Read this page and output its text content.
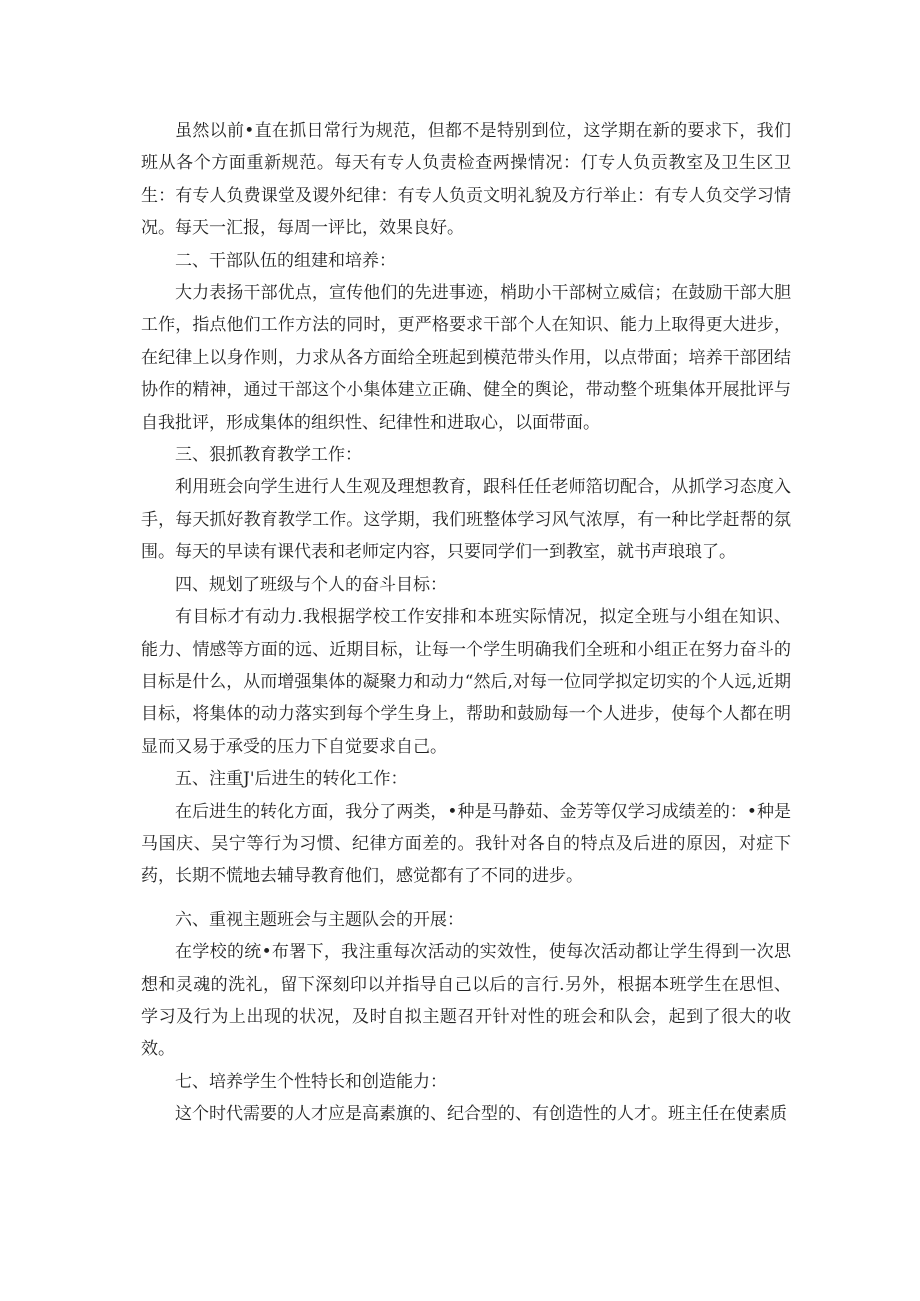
虽然以前•直在抓日常行为规范，但都不是特别到位，这学期在新的要求下，我们班从各个方面重新规范。每天有专人负责检查两操情况：仃专人负贡教室及卫生区卫生：有专人负费课堂及谡外纪律：有专人负贡文明礼貌及方行举止：有专人负交学习情况。每天一汇报，每周一评比，效果良好。

二、干部队伍的组建和培养：

大力表扬干部优点，宣传他们的先进事迹，梢助小干部树立威信；在鼓励干部大胆工作，指点他们工作方法的同时，更严格要求干部个人在知识、能力上取得更大进步，在纪律上以身作则，力求从各方面给全班起到模范带头作用，以点带面；培养干部团结协作的精神，通过干部这个小集体建立正确、健全的舆论，带动整个班集体开展批评与自我批评，形成集体的组织性、纪律性和进取心，以面带面。

三、狠抓教育教学工作：

利用班会向学生进行人生观及理想教育，跟科任任老师箔切配合，从抓学习态度入手，每天抓好教育教学工作。这学期，我们班整体学习风气浓厚，有一种比学赶帮的氛围。每天的早读有课代表和老师定内容，只要同学们一到教室，就书声琅琅了。

四、规划了班级与个人的奋斗目标：

有目标才有动力.我根据学校工作安排和本班实际情况，拟定全班与小组在知识、能力、情感等方面的远、近期目标，让每一个学生明确我们全班和小组正在努力奋斗的目标是什么，从而增强集体的凝聚力和动力“然后,对每一位同学拟定切实的个人远,近期目标，将集体的动力落实到每个学生身上，帮助和鼓励每一个人进步，使每个人都在明显而又易于承受的压力下自觉要求自己。

五、注重J'后进生的转化工作：

在后进生的转化方面，我分了两类，•种是马静茹、金芳等仅学习成绩差的：•种是马国庆、吴宁等行为习惯、纪律方面差的。我针对各自的特点及后进的原因，对症下药，长期不慌地去辅导教育他们，感觉都有了不同的进步。

六、重视主题班会与主题队会的开展：

在学校的统•布署下，我注重每次活动的实效性，使每次活动都让学生得到一次思想和灵魂的洗礼，留下深刻印以并指导自己以后的言行.另外，根据本班学生在思怛、学习及行为上出现的状况，及时自拟主题召开针对性的班会和队会，起到了很大的收效。

七、培养学生个性特长和创造能力：

这个时代需要的人才应是高素旗的、纪合型的、有创造性的人才。班主任在使素质
